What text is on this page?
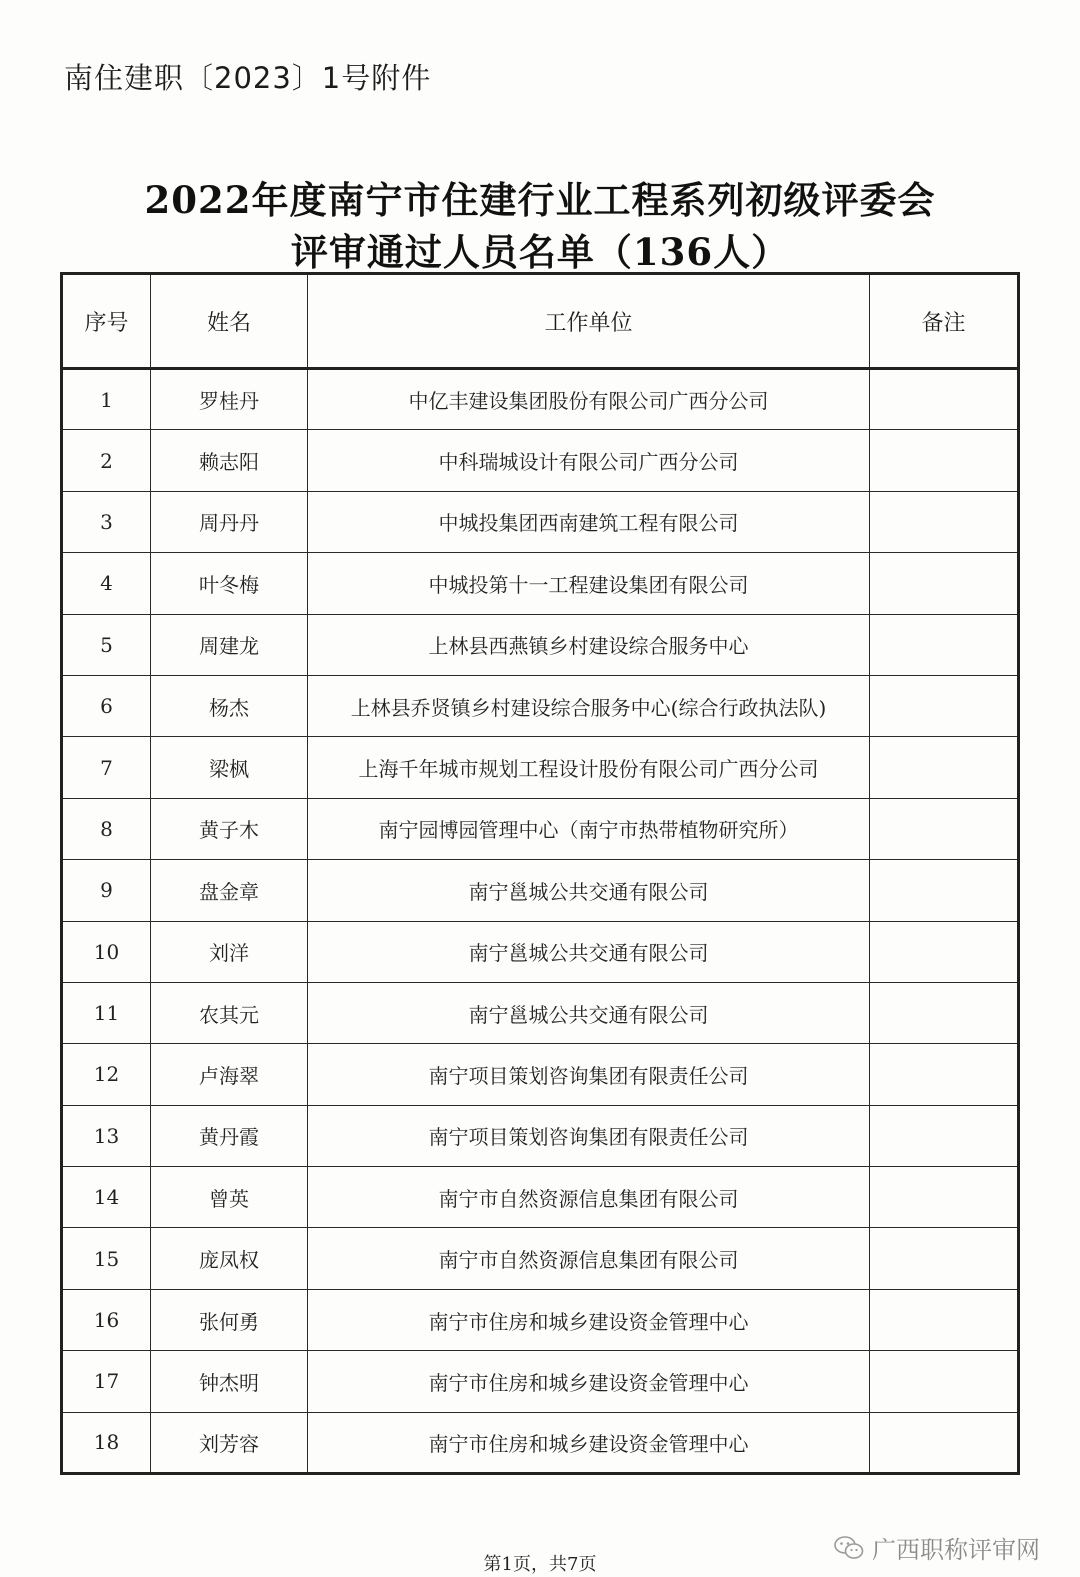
南住建职〔2023〕1号附件
2022年度南宁市住建行业工程系列初级评委会
评审通过人员名单（136人）
序号	姓名	工作单位	备注
1	罗桂丹	中亿丰建设集团股份有限公司广西分公司	
2	赖志阳	中科瑞城设计有限公司广西分公司	
3	周丹丹	中城投集团西南建筑工程有限公司	
4	叶冬梅	中城投第十一工程建设集团有限公司	
5	周建龙	上林县西燕镇乡村建设综合服务中心	
6	杨杰	上林县乔贤镇乡村建设综合服务中心(综合行政执法队)	
7	梁枫	上海千年城市规划工程设计股份有限公司广西分公司	
8	黄子木	南宁园博园管理中心（南宁市热带植物研究所）	
9	盘金章	南宁邕城公共交通有限公司	
10	刘洋	南宁邕城公共交通有限公司	
11	农其元	南宁邕城公共交通有限公司	
12	卢海翠	南宁项目策划咨询集团有限责任公司	
13	黄丹霞	南宁项目策划咨询集团有限责任公司	
14	曾英	南宁市自然资源信息集团有限公司	
15	庞凤权	南宁市自然资源信息集团有限公司	
16	张何勇	南宁市住房和城乡建设资金管理中心	
17	钟杰明	南宁市住房和城乡建设资金管理中心	
18	刘芳容	南宁市住房和城乡建设资金管理中心	
第1页，共7页
广西职称评审网
